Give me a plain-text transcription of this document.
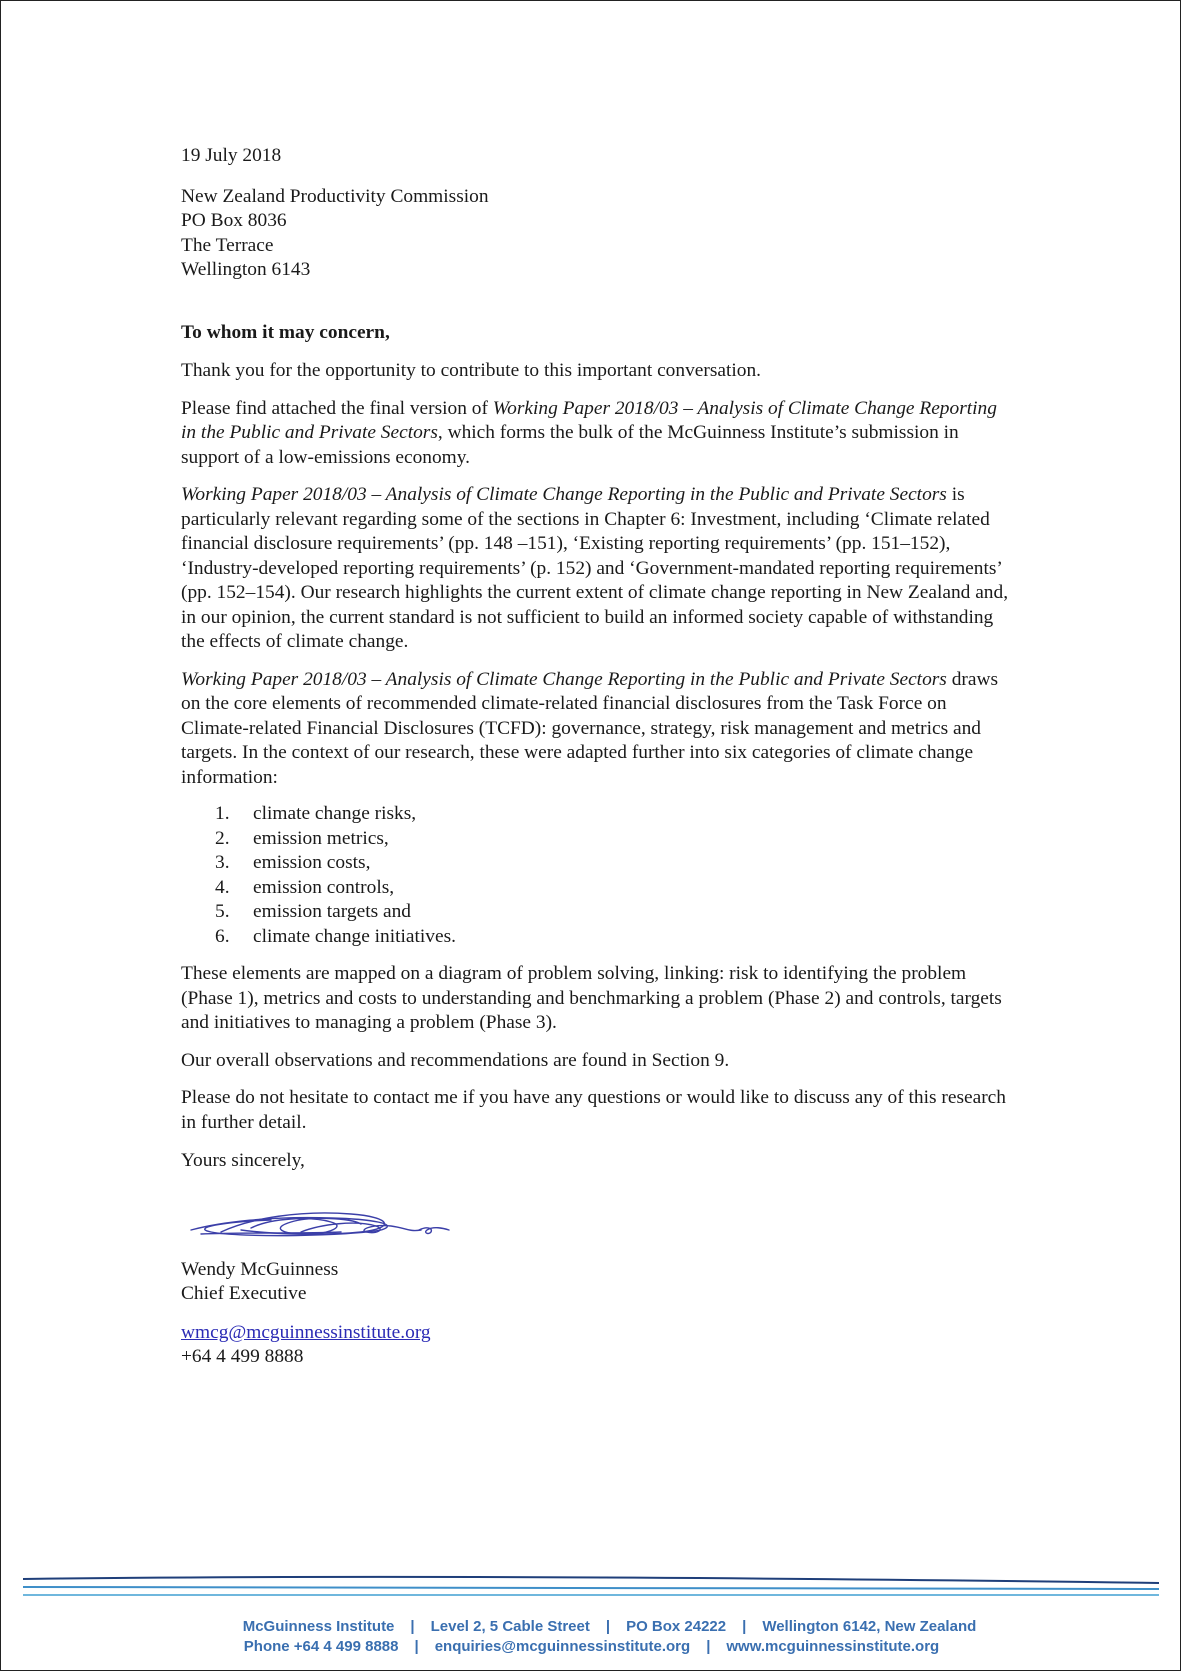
19 July 2018
New Zealand Productivity Commission
PO Box 8036
The Terrace
Wellington 6143
To whom it may concern,

Thank you for the opportunity to contribute to this important conversation.

Please find attached the final version of Working Paper 2018/03 – Analysis of Climate Change Reporting in the Public and Private Sectors, which forms the bulk of the McGuinness Institute’s submission in support of a low-emissions economy.

Working Paper 2018/03 – Analysis of Climate Change Reporting in the Public and Private Sectors is particularly relevant regarding some of the sections in Chapter 6: Investment, including ‘Climate related financial disclosure requirements’ (pp. 148 –151), ‘Existing reporting requirements’ (pp. 151–152), ‘Industry-developed reporting requirements’ (p. 152) and ‘Government-mandated reporting requirements’ (pp. 152–154). Our research highlights the current extent of climate change reporting in New Zealand and, in our opinion, the current standard is not sufficient to build an informed society capable of withstanding the effects of climate change.

Working Paper 2018/03 – Analysis of Climate Change Reporting in the Public and Private Sectors draws on the core elements of recommended climate-related financial disclosures from the Task Force on Climate-related Financial Disclosures (TCFD): governance, strategy, risk management and metrics and targets. In the context of our research, these were adapted further into six categories of climate change information:

1.	climate change risks,
2.	emission metrics,
3.	emission costs,
4.	emission controls,
5.	emission targets and
6.	climate change initiatives.

These elements are mapped on a diagram of problem solving, linking: risk to identifying the problem (Phase 1), metrics and costs to understanding and benchmarking a problem (Phase 2) and controls, targets and initiatives to managing a problem (Phase 3).

Our overall observations and recommendations are found in Section 9.

Please do not hesitate to contact me if you have any questions or would like to discuss any of this research in further detail.

Yours sincerely,
Wendy McGuinness
Chief Executive
wmcg@mcguinnessinstitute.org
+64 4 499 8888
McGuinness Institute | Level 2, 5 Cable Street | PO Box 24222 | Wellington 6142, New Zealand
Phone +64 4 499 8888 | enquiries@mcguinnessinstitute.org | www.mcguinnessinstitute.org
